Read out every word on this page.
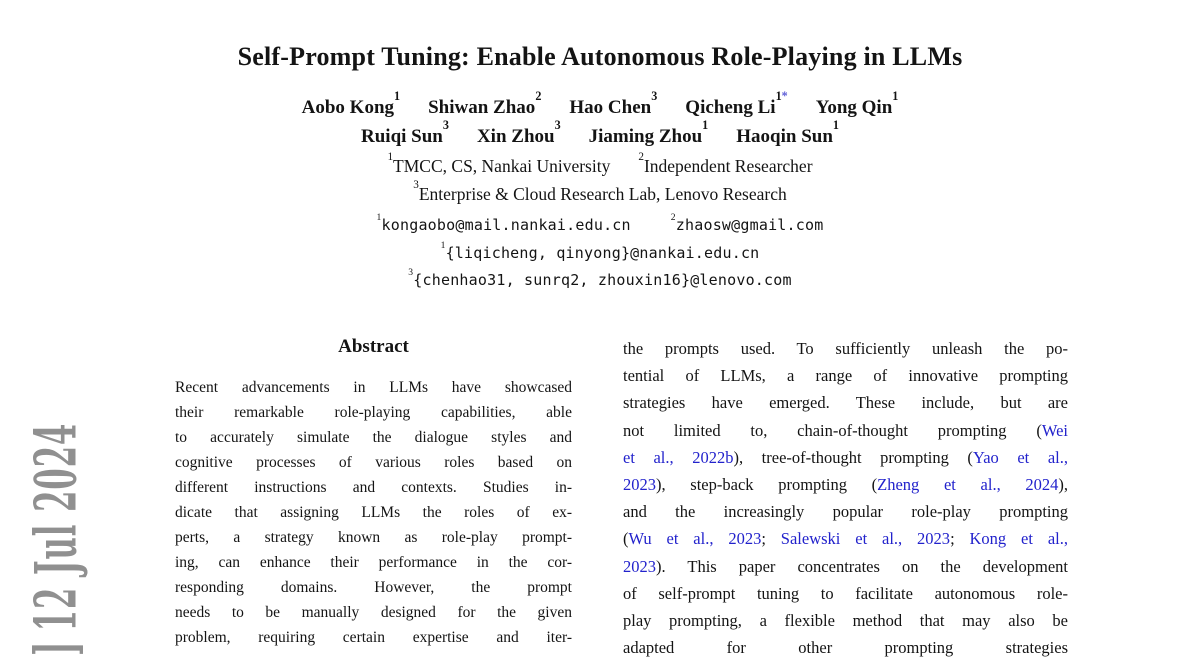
Self-Prompt Tuning: Enable Autonomous Role-Playing in LLMs
Aobo Kong$^1$Shiwan Zhao$^2$Hao Chen$^3$Qicheng $Li^{1*}Yong$ Qin$^1$
Ruiqi Sun$^3$Xin Zhou$^3$Jiaming Zhou$^1$Haoqin Sun$^1$
$^1$TMCC, CS, Nankai University	$^2$Independent Researcher
$^3$Enterprise & Cloud Research Lab, Lenovo Research
$^1$kongaobo@mail.nankai.edu.cn	$^2$zhaosw@gmail.com
$^1${liqicheng, qinyong}@nankai.edu.cn
$^3${chenhao31, sunrq2, zhouxin16}@lenovo.com
Abstract
Recent advancements in LLMs have showcased
their remarkable role-playing capabilities, able
to accurately simulate the dialogue styles and
cognitive processes of various roles based on
different instructions and contexts. Studies in-
dicate that assigning LLMs the roles of ex-
perts, a strategy known as role-play prompt-
ing, can enhance their performance in the cor-
responding domains. However, the prompt
needs to be manually designed for the given
problem, requiring certain expertise and iter-
the prompts used. To sufficiently unleash the po-
tential of LLMs, a range of innovative prompting
strategies have emerged. These include, but are
not limited to, chain-of-thought prompting (Wei
et al., 2022b), tree-of-thought prompting (Yao et al.,
2023), step-back prompting (Zheng et al., 2024),
and the increasingly popular role-play prompting
(Wu et al., 2023; Salewski et al., 2023; Kong et al.,
2023). This paper concentrates on the development
of self-prompt tuning to facilitate autonomous role-
play prompting, a flexible method that may also be
adapted for other prompting strategies
]12 Jul 2024
